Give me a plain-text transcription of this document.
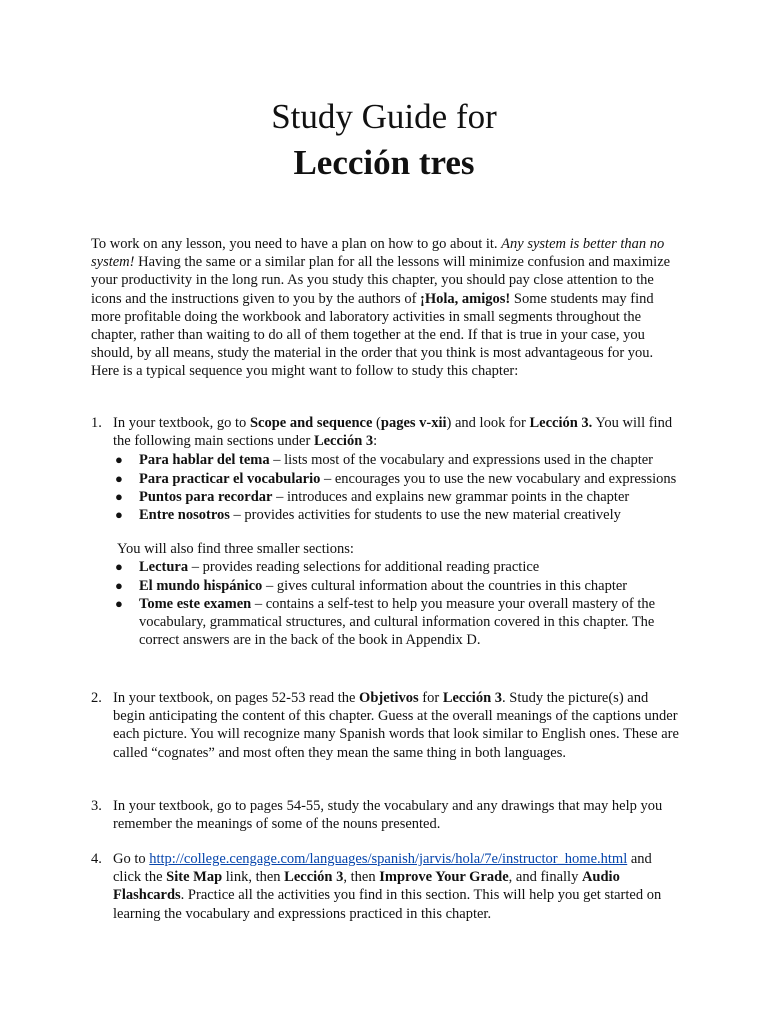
Study Guide for
Lección tres

To work on any lesson, you need to have a plan on how to go about it. Any system is better than no system! Having the same or a similar plan for all the lessons will minimize confusion and maximize your productivity in the long run. As you study this chapter, you should pay close attention to the icons and the instructions given to you by the authors of ¡Hola, amigos! Some students may find more profitable doing the workbook and laboratory activities in small segments throughout the chapter, rather than waiting to do all of them together at the end. If that is true in your case, you should, by all means, study the material in the order that you think is most advantageous for you. Here is a typical sequence you might want to follow to study this chapter:

1. In your textbook, go to Scope and sequence (pages v-xii) and look for Lección 3. You will find the following main sections under Lección 3:
● Para hablar del tema – lists most of the vocabulary and expressions used in the chapter
● Para practicar el vocabulario – encourages you to use the new vocabulary and expressions
● Puntos para recordar – introduces and explains new grammar points in the chapter
● Entre nosotros – provides activities for students to use the new material creatively
You will also find three smaller sections:
● Lectura – provides reading selections for additional reading practice
● El mundo hispánico – gives cultural information about the countries in this chapter
● Tome este examen – contains a self-test to help you measure your overall mastery of the vocabulary, grammatical structures, and cultural information covered in this chapter. The correct answers are in the back of the book in Appendix D.
2. In your textbook, on pages 52-53 read the Objetivos for Lección 3. Study the picture(s) and begin anticipating the content of this chapter. Guess at the overall meanings of the captions under each picture. You will recognize many Spanish words that look similar to English ones. These are called “cognates” and most often they mean the same thing in both languages.
3. In your textbook, go to pages 54-55, study the vocabulary and any drawings that may help you remember the meanings of some of the nouns presented.
4. Go to http://college.cengage.com/languages/spanish/jarvis/hola/7e/instructor_home.html and click the Site Map link, then Lección 3, then Improve Your Grade, and finally Audio Flashcards. Practice all the activities you find in this section. This will help you get started on learning the vocabulary and expressions practiced in this chapter.
